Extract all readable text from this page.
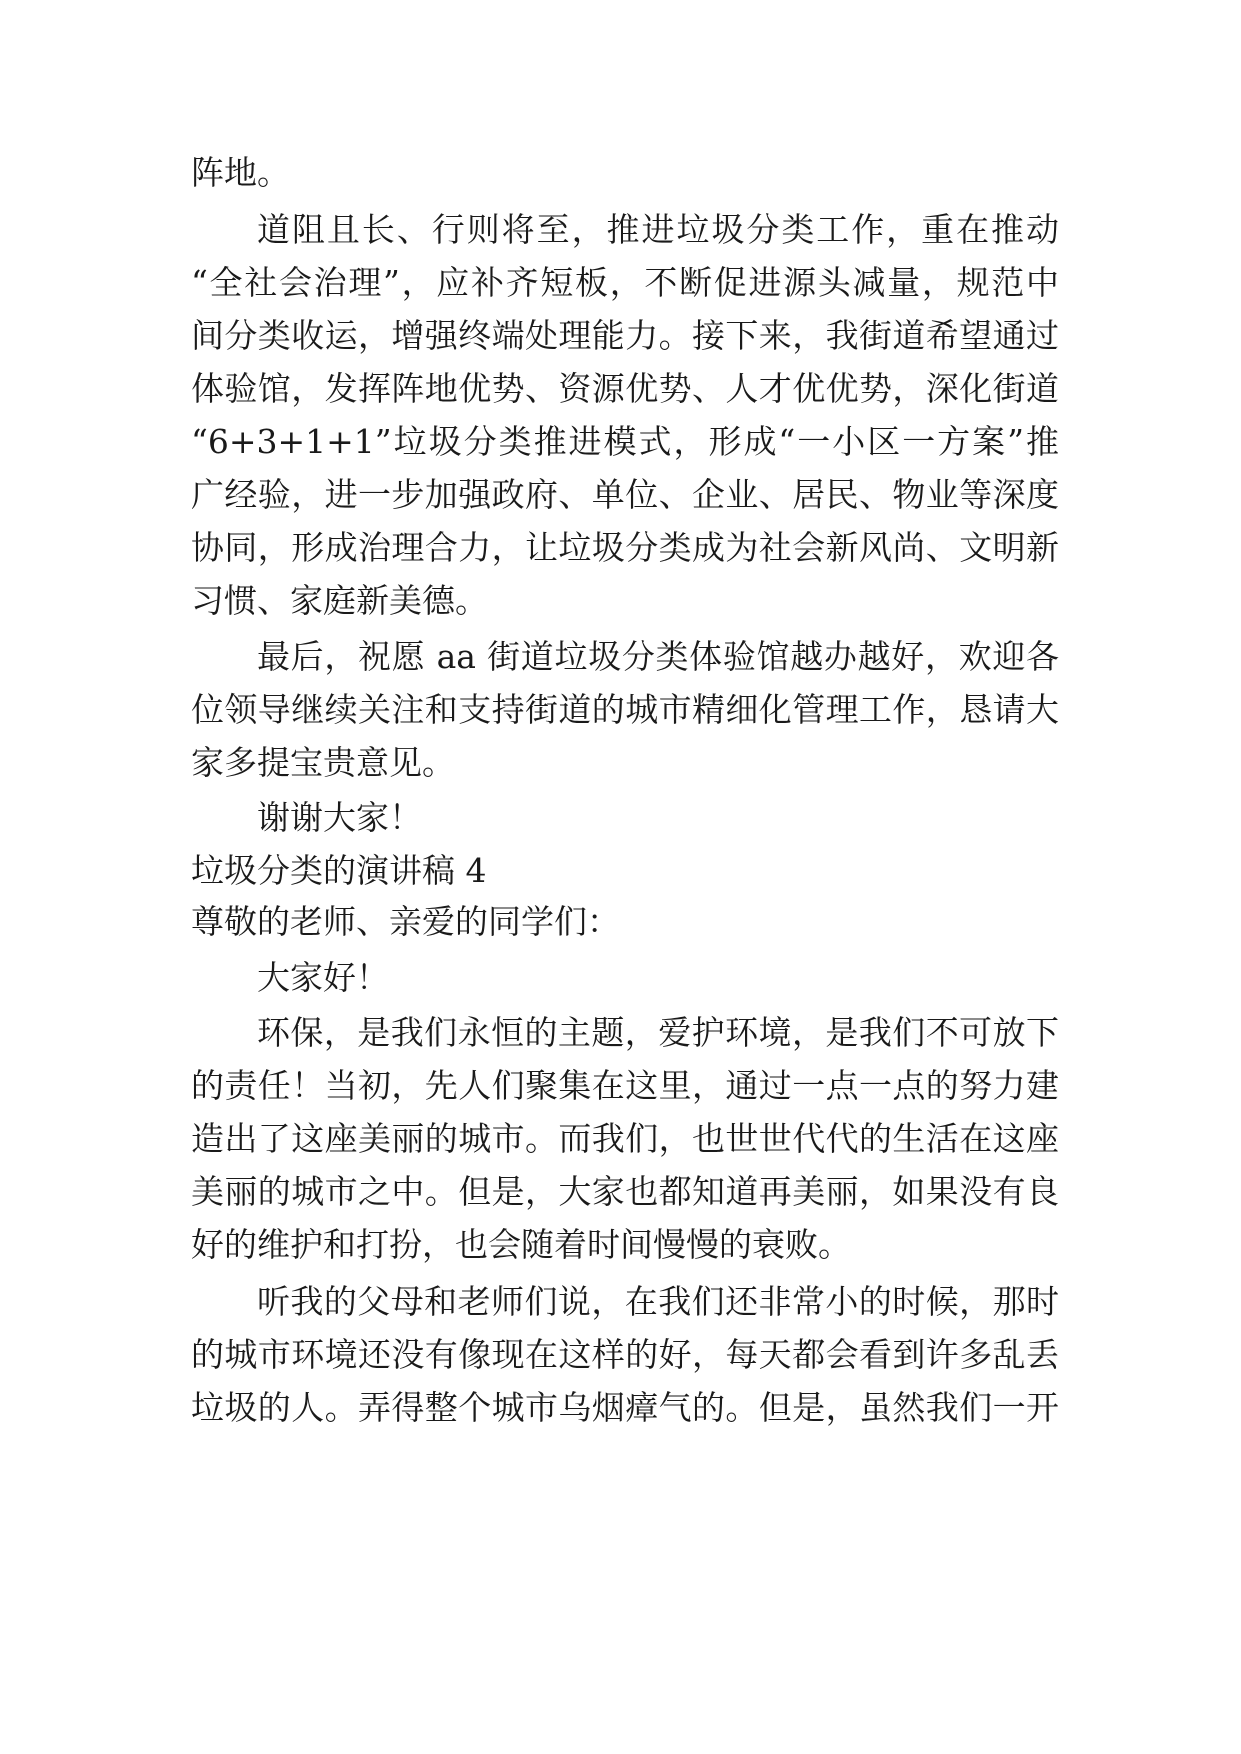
阵地。
道阻且长、行则将至，推进垃圾分类工作，重在推动
“全社会治理”，应补齐短板，不断促进源头减量，规范中
间分类收运，增强终端处理能力。接下来，我街道希望通过
体验馆，发挥阵地优势、资源优势、人才优优势，深化街道
“6+3+1+1”垃圾分类推进模式，形成“一小区一方案”推
广经验，进一步加强政府、单位、企业、居民、物业等深度
协同，形成治理合力，让垃圾分类成为社会新风尚、文明新
习惯、家庭新美德。
最后，祝愿 aa 街道垃圾分类体验馆越办越好，欢迎各
位领导继续关注和支持街道的城市精细化管理工作，恳请大
家多提宝贵意见。
谢谢大家！
垃圾分类的演讲稿 4
尊敬的老师、亲爱的同学们：
大家好！
环保，是我们永恒的主题，爱护环境，是我们不可放下
的责任！当初，先人们聚集在这里，通过一点一点的努力建
造出了这座美丽的城市。而我们，也世世代代的生活在这座
美丽的城市之中。但是，大家也都知道再美丽，如果没有良
好的维护和打扮，也会随着时间慢慢的衰败。
听我的父母和老师们说，在我们还非常小的时候，那时
的城市环境还没有像现在这样的好，每天都会看到许多乱丢
垃圾的人。弄得整个城市乌烟瘴气的。但是，虽然我们一开
